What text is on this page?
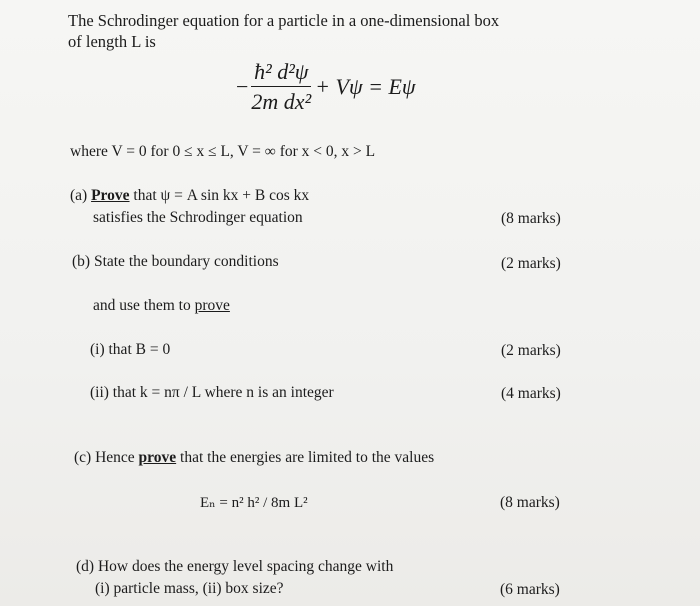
The Schrodinger equation for a particle in a one-dimensional box
of length L is
− $\frac{\text{ħ² d²ψ}}{\text{2m dx²}} + V\psi = E\psi$
where V = 0 for 0 ≤ x ≤ L, V = ∞ for x < 0, x > L
(a) Prove that ψ = A sin kx + B cos kx
satisfies the Schrodinger equation	(8 marks)
(b) State the boundary conditions	(2 marks)
and use them to prove
(i) that B = 0	(2 marks)
(ii) that k = nπ / L where n is an integer	(4 marks)
(c) Hence prove that the energies are limited to the values
Eₙ = n² h² / 8m L²	(8 marks)
(d) How does the energy level spacing change with
(i) particle mass, (ii) box size?	(6 marks)
